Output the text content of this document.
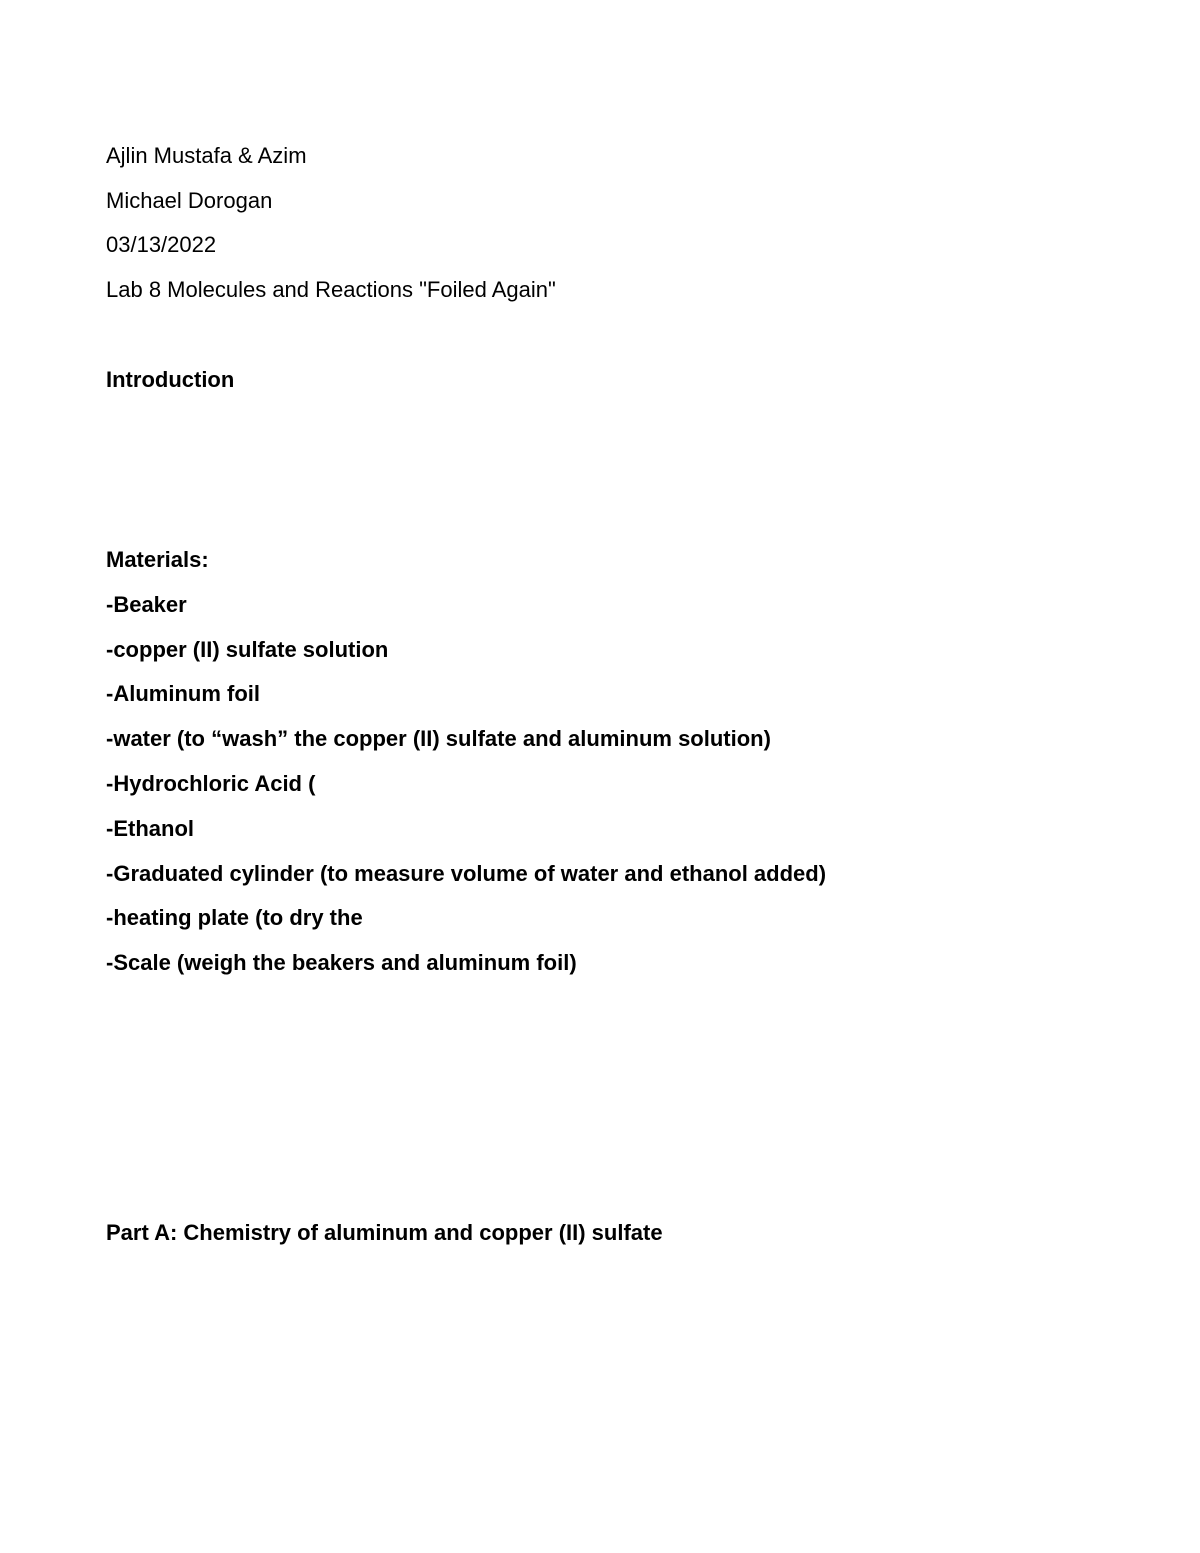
Ajlin Mustafa & Azim
Michael Dorogan
03/13/2022
Lab 8 Molecules and Reactions "Foiled Again"
Introduction
Materials:
-Beaker
-copper (II) sulfate solution
-Aluminum foil
-water (to “wash” the copper (II) sulfate and aluminum solution)
-Hydrochloric Acid (
-Ethanol
-Graduated cylinder (to measure volume of water and ethanol added)
-heating plate (to dry the
-Scale (weigh the beakers and aluminum foil)
Part A: Chemistry of aluminum and copper (II) sulfate
